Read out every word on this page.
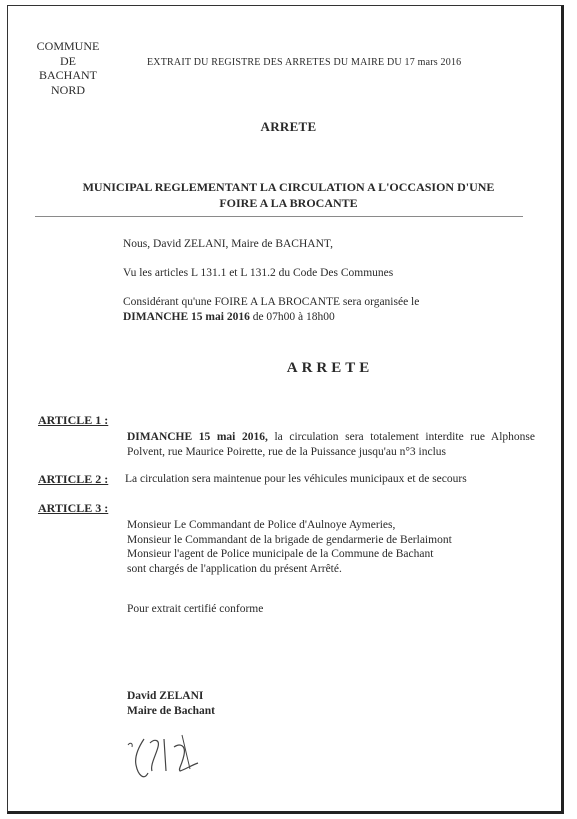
COMMUNE
DE
BACHANT
NORD
EXTRAIT DU REGISTRE DES ARRETES DU MAIRE DU 17 mars 2016
ARRETE
MUNICIPAL REGLEMENTANT LA CIRCULATION A L'OCCASION D'UNE
FOIRE A LA BROCANTE
Nous, David ZELANI, Maire de BACHANT,
Vu les articles L 131.1 et L 131.2 du Code Des Communes
Considérant qu'une FOIRE A LA BROCANTE sera organisée le
DIMANCHE 15 mai 2016 de 07h00 à 18h00
ARRETE
ARTICLE 1 :
DIMANCHE 15 mai 2016, la circulation sera totalement interdite rue Alphonse Polvent, rue Maurice Poirette, rue de la Puissance jusqu'au n°3 inclus
ARTICLE 2 : La circulation sera maintenue pour les véhicules municipaux et de secours
ARTICLE 3 :
Monsieur Le Commandant de Police d'Aulnoye Aymeries,
Monsieur le Commandant de la brigade de gendarmerie de Berlaimont
Monsieur l'agent de Police municipale de la Commune de Bachant
sont chargés de l'application du présent Arrêté.
Pour extrait certifié conforme
David ZELANI
Maire de Bachant
